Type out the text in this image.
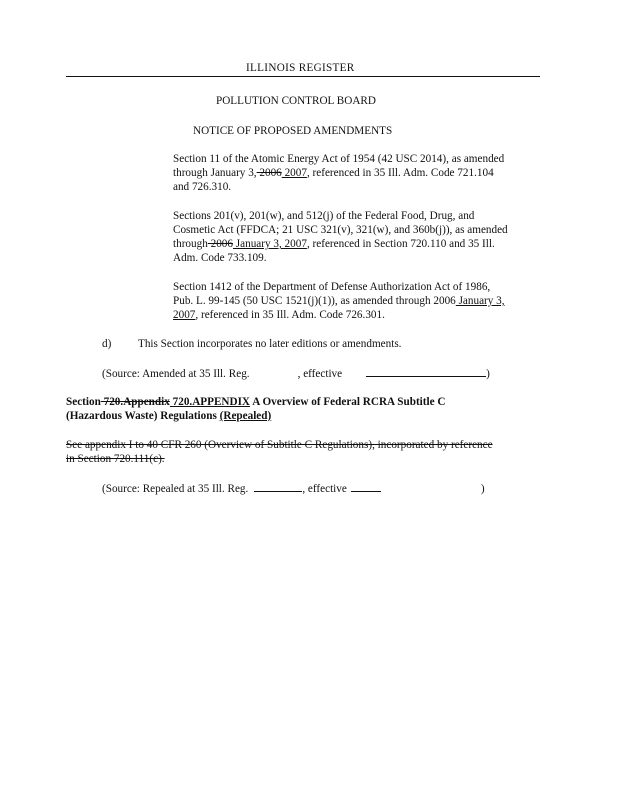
ILLINOIS REGISTER
POLLUTION CONTROL BOARD
NOTICE OF PROPOSED AMENDMENTS
Section 11 of the Atomic Energy Act of 1954 (42 USC 2014), as amended
through January 3, 2006 2007, referenced in 35 Ill. Adm. Code 721.104
and 726.310.
Sections 201(v), 201(w), and 512(j) of the Federal Food, Drug, and
Cosmetic Act (FFDCA; 21 USC 321(v), 321(w), and 360b(j)), as amended
through 2006 January 3, 2007, referenced in Section 720.110 and 35 Ill.
Adm. Code 733.109.
Section 1412 of the Department of Defense Authorization Act of 1986,
Pub. L. 99-145 (50 USC 1521(j)(1)), as amended through 2006 January 3,
2007, referenced in 35 Ill. Adm. Code 726.301.
d) This Section incorporates no later editions or amendments.
(Source: Amended at 35 Ill. Reg.	, effective	)
Section 720.Appendix 720.APPENDIX A Overview of Federal RCRA Subtitle C
(Hazardous Waste) Regulations (Repealed)
See appendix I to 40 CFR 260 (Overview of Subtitle C Regulations), incorporated by reference
in Section 720.111(c).
(Source: Repealed at 35 Ill. Reg.	, effective	)
